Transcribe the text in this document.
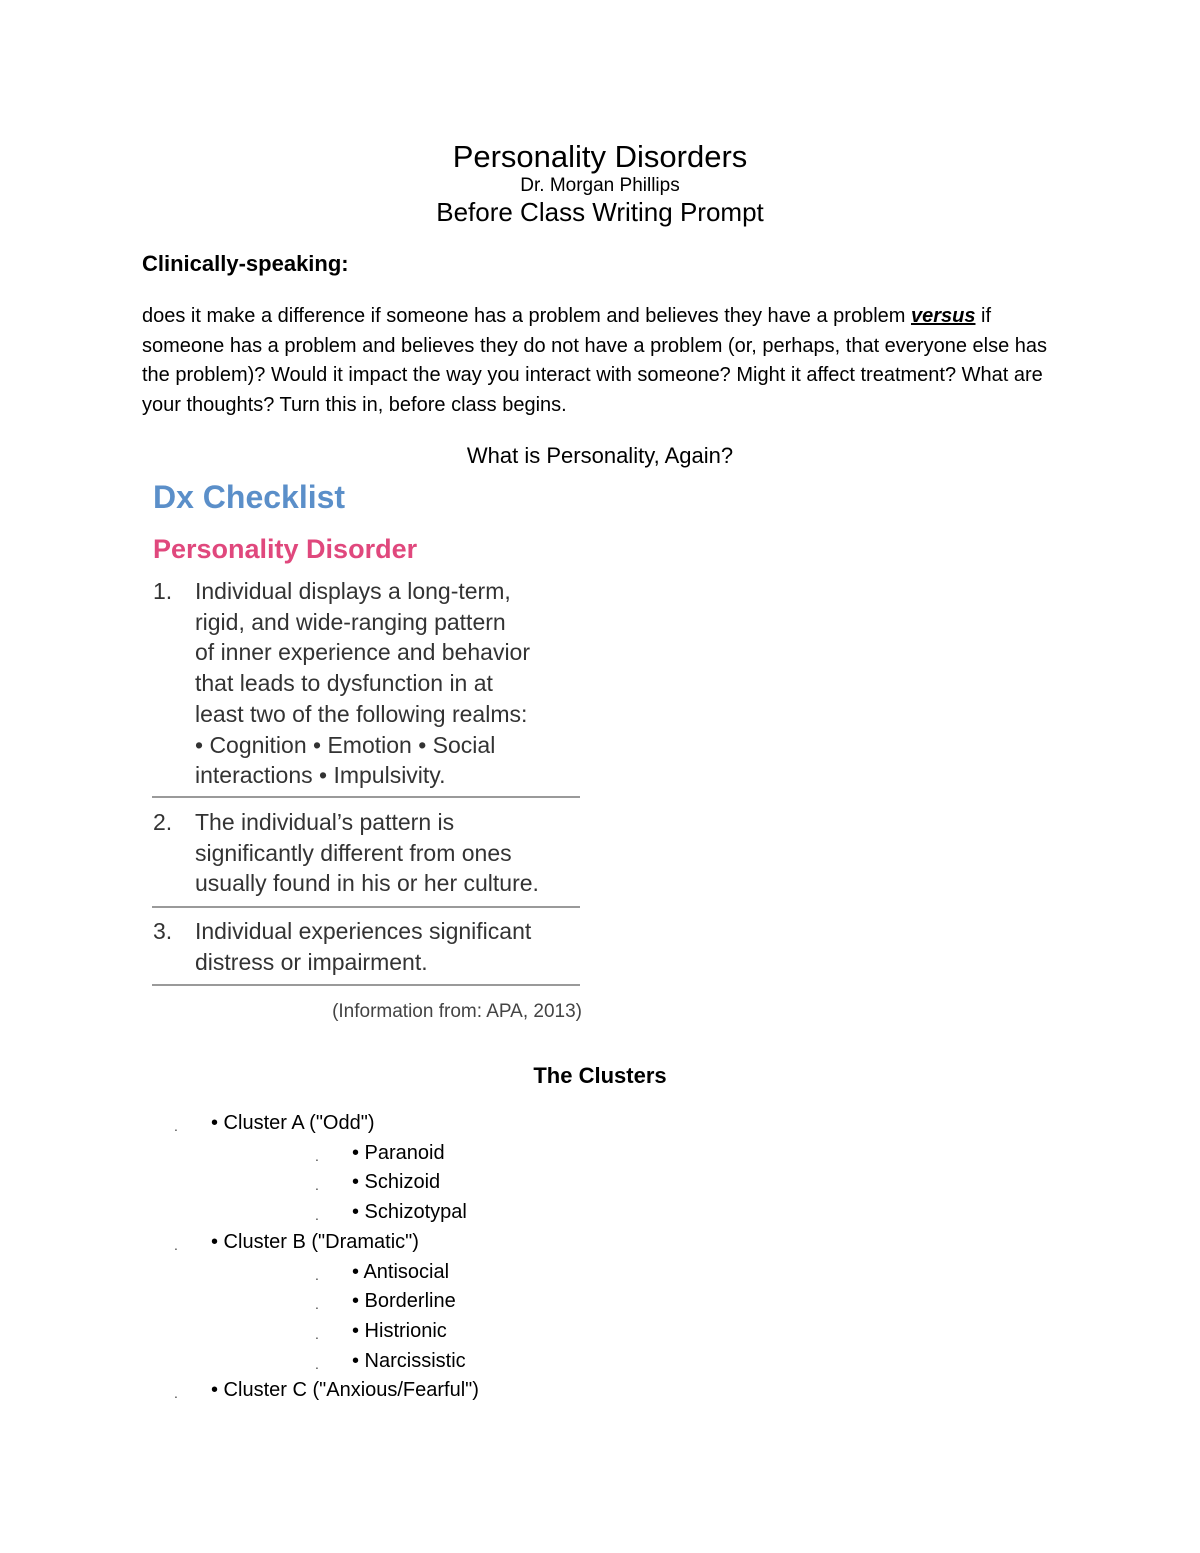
Personality Disorders
Dr. Morgan Phillips
Before Class Writing Prompt
Clinically-speaking:
does it make a difference if someone has a problem and believes they have a problem versus if someone has a problem and believes they do not have a problem (or, perhaps, that everyone else has the problem)? Would it impact the way you interact with someone? Might it affect treatment? What are your thoughts? Turn this in, before class begins.
What is Personality, Again?
Dx Checklist
Personality Disorder
1. Individual displays a long-term,
rigid, and wide-ranging pattern
of inner experience and behavior
that leads to dysfunction in at
least two of the following realms:
• Cognition • Emotion • Social
interactions • Impulsivity.
2. The individual’s pattern is
significantly different from ones
usually found in his or her culture.
3. Individual experiences significant
distress or impairment.
(Information from: APA, 2013)
The Clusters
. • Cluster A ("Odd")
. • Paranoid
. • Schizoid
. • Schizotypal
. • Cluster B ("Dramatic")
. • Antisocial
. • Borderline
. • Histrionic
. • Narcissistic
. • Cluster C ("Anxious/Fearful")
